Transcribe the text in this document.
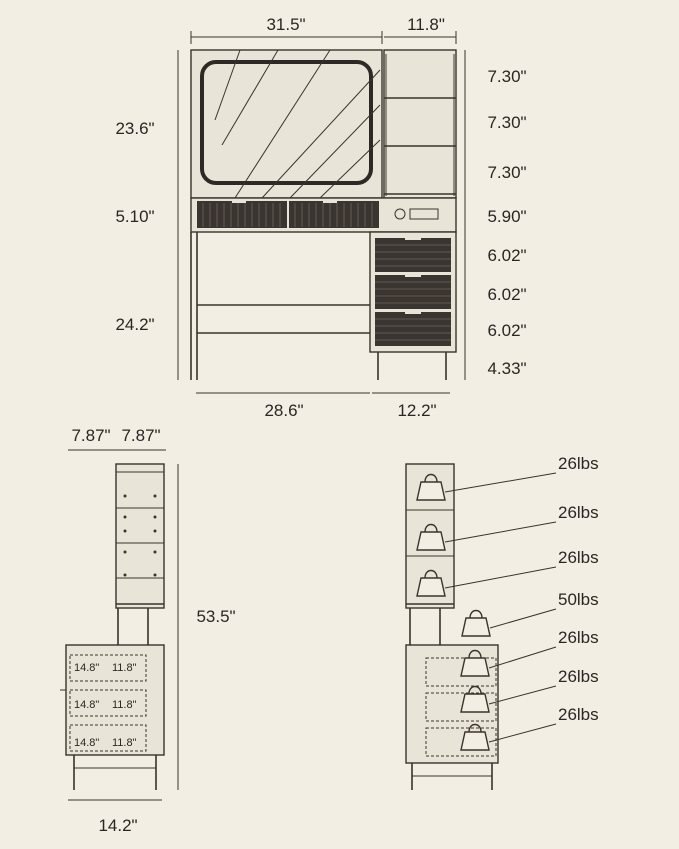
31.5"	11.8"
23.6"
5.10"
24.2"
7.30"
7.30"
7.30"
5.90"
6.02"
6.02"
6.02"
4.33"
28.6"	12.2"
7.87" 7.87"
14.8" 11.8"
14.8" 11.8"
14.8" 11.8"
53.5"
14.2"
26lbs
26lbs
26lbs
50lbs
26lbs
26lbs
26lbs
